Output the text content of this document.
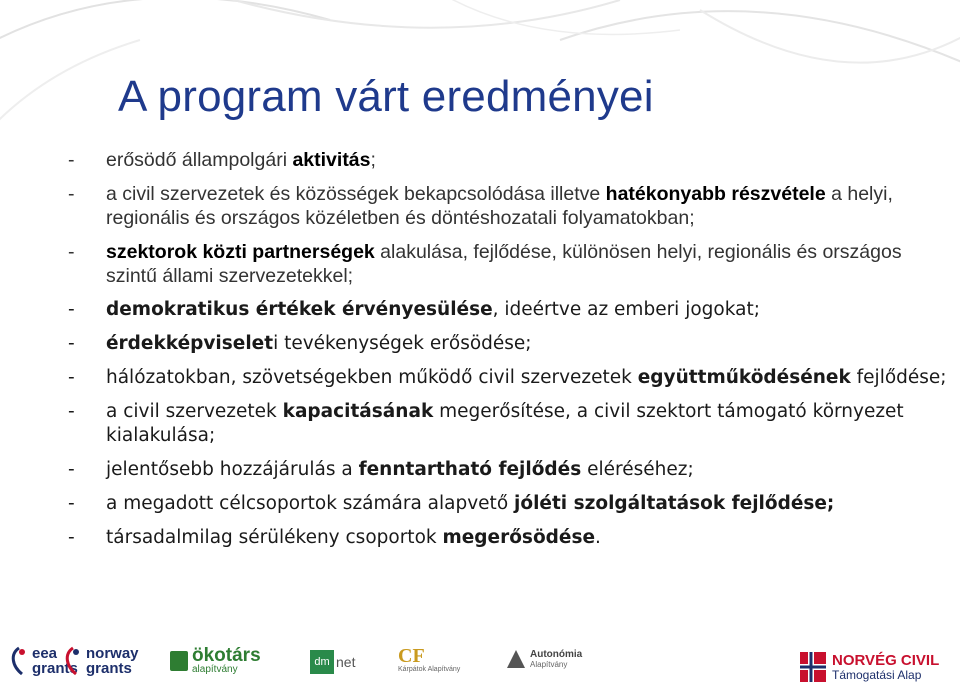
A program várt eredményei
-	erősödő állampolgári aktivitás;
-	a civil szervezetek és közösségek bekapcsolódása illetve hatékonyabb részvétele a helyi, regionális és országos közéletben és döntéshozatali folyamatokban;
-	szektorok közti partnerségek alakulása, fejlődése, különösen helyi, regionális és országos szintű állami szervezetekkel;
-	demokratikus értékek érvényesülése, ideértve az emberi jogokat;
-	érdekképviseleti tevékenységek erősödése;
-	hálózatokban, szövetségekben működő civil szervezetek együttműködésének fejlődése;
-	a civil szervezetek kapacitásának megerősítése, a civil szektort támogató környezet kialakulása;
-	jelentősebb hozzájárulás a fenntartható fejlődés eléréséhez;
-	a megadott célcsoportok számára alapvető jóléti szolgáltatások fejlődése;
-	társadalmilag sérülékeny csoportok megerősödése.
eea
grants
norway
grants
ökotárs
alapítvány
dm net CF
Kárpátok Alapítvány
Autonómia
Alapítvány	NORVÉG CIVIL
Támogatási Alap
